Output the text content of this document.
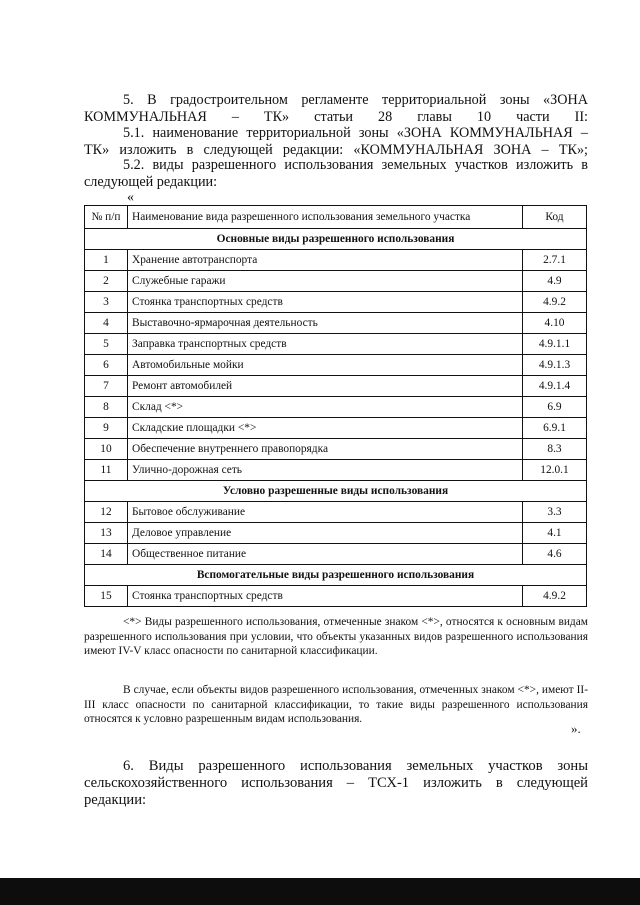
5. В градостроительном регламенте территориальной зоны «ЗОНА КОММУНАЛЬНАЯ – ТК» статьи 28 главы 10 части II:

5.1. наименование территориальной зоны «ЗОНА КОММУНАЛЬНАЯ – ТК» изложить в следующей редакции: «КОММУНАЛЬНАЯ ЗОНА – ТК»;

5.2. виды разрешенного использования земельных участков изложить в следующей редакции:

«
№ п/п	Наименование вида разрешенного использования земельного участка	Код
Основные виды разрешенного использования		
1	Хранение автотранспорта	2.7.1
2	Служебные гаражи	4.9
3	Стоянка транспортных средств	4.9.2
4	Выставочно-ярмарочная деятельность	4.10
5	Заправка транспортных средств	4.9.1.1
6	Автомобильные мойки	4.9.1.3
7	Ремонт автомобилей	4.9.1.4
8	Склад <*>	6.9
9	Складские площадки <*>	6.9.1
10	Обеспечение внутреннего правопорядка	8.3
11	Улично-дорожная сеть	12.0.1
Условно разрешенные виды использования		
12	Бытовое обслуживание	3.3
13	Деловое управление	4.1
14	Общественное питание	4.6
Вспомогательные виды разрешенного использования		
15	Стоянка транспортных средств	4.9.2

<*> Виды разрешенного использования, отмеченные знаком <*>, относятся к основным видам разрешенного использования при условии, что объекты указанных видов разрешенного использования имеют IV-V класс опасности по санитарной классификации.

В случае, если объекты видов разрешенного использования, отмеченных знаком <*>, имеют II-III класс опасности по санитарной классификации, то такие виды разрешенного использования относятся к условно разрешенным видам использования.

».

6. Виды разрешенного использования земельных участков зоны сельскохозяйственного использования – ТСХ-1 изложить в следующей редакции:
